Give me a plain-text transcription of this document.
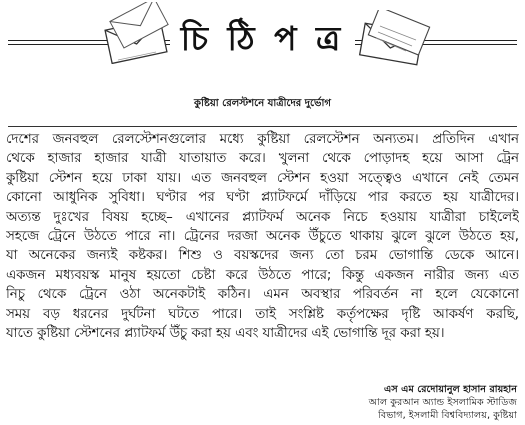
চি ঠি প ত্র
কুষ্টিয়া রেলস্টশনে যাত্রীদের দুর্ভোগ
দেশের জনবহুল রেলস্টেশনগুলোর মধ্যে কুষ্টিয়া রেলস্টেশন অন্যতম। প্রতিদিন এখান
থেকে হাজার হাজার যাত্রী যাতায়াত করে। খুলনা থেকে পোড়াদহ হয়ে আসা ট্রেন
কুষ্টিয়া স্টেশন হয়ে ঢাকা যায়। এত জনবহুল স্টেশন হওয়া সত্ত্বেও এখানে নেই তেমন
কোনো আধুনিক সুবিধা। ঘণ্টার পর ঘণ্টা প্ল্যাটফর্মে দাঁড়িয়ে পার করতে হয় যাত্রীদের।
অত্যন্ত দুঃখের বিষয় হচ্ছে– এখানের প্ল্যাটফর্ম অনেক নিচে হওয়ায় যাত্রীরা চাইলেই
সহজে ট্রেনে উঠতে পারে না। ট্রেনের দরজা অনেক উঁচুতে থাকায় ঝুলে ঝুলে উঠতে হয়,
যা অনেকের জন্যই কষ্টকর। শিশু ও বয়স্কদের জন্য তো চরম ভোগান্তি ডেকে আনে।
একজন মধ্যবয়স্ক মানুষ হয়তো চেষ্টা করে উঠতে পারে; কিন্তু একজন নারীর জন্য এত
নিচু থেকে ট্রেনে ওঠা অনেকটাই কঠিন। এমন অবস্থার পরিবর্তন না হলে যেকোনো
সময় বড় ধরনের দুর্ঘটনা ঘটতে পারে। তাই সংশ্লিষ্ট কর্তৃপক্ষের দৃষ্টি আকর্ষণ করছি,
যাতে কুষ্টিয়া স্টেশনের প্ল্যাটফর্ম উঁচু করা হয় এবং যাত্রীদের এই ভোগান্তি দূর করা হয়।
এস এম রেদোয়ানুল হাসান রায়হান
আল কুরআন অ্যান্ড ইসলামিক স্টাডিজ
বিভাগ, ইসলামী বিশ্ববিদ্যালয়, কুষ্টিয়া
